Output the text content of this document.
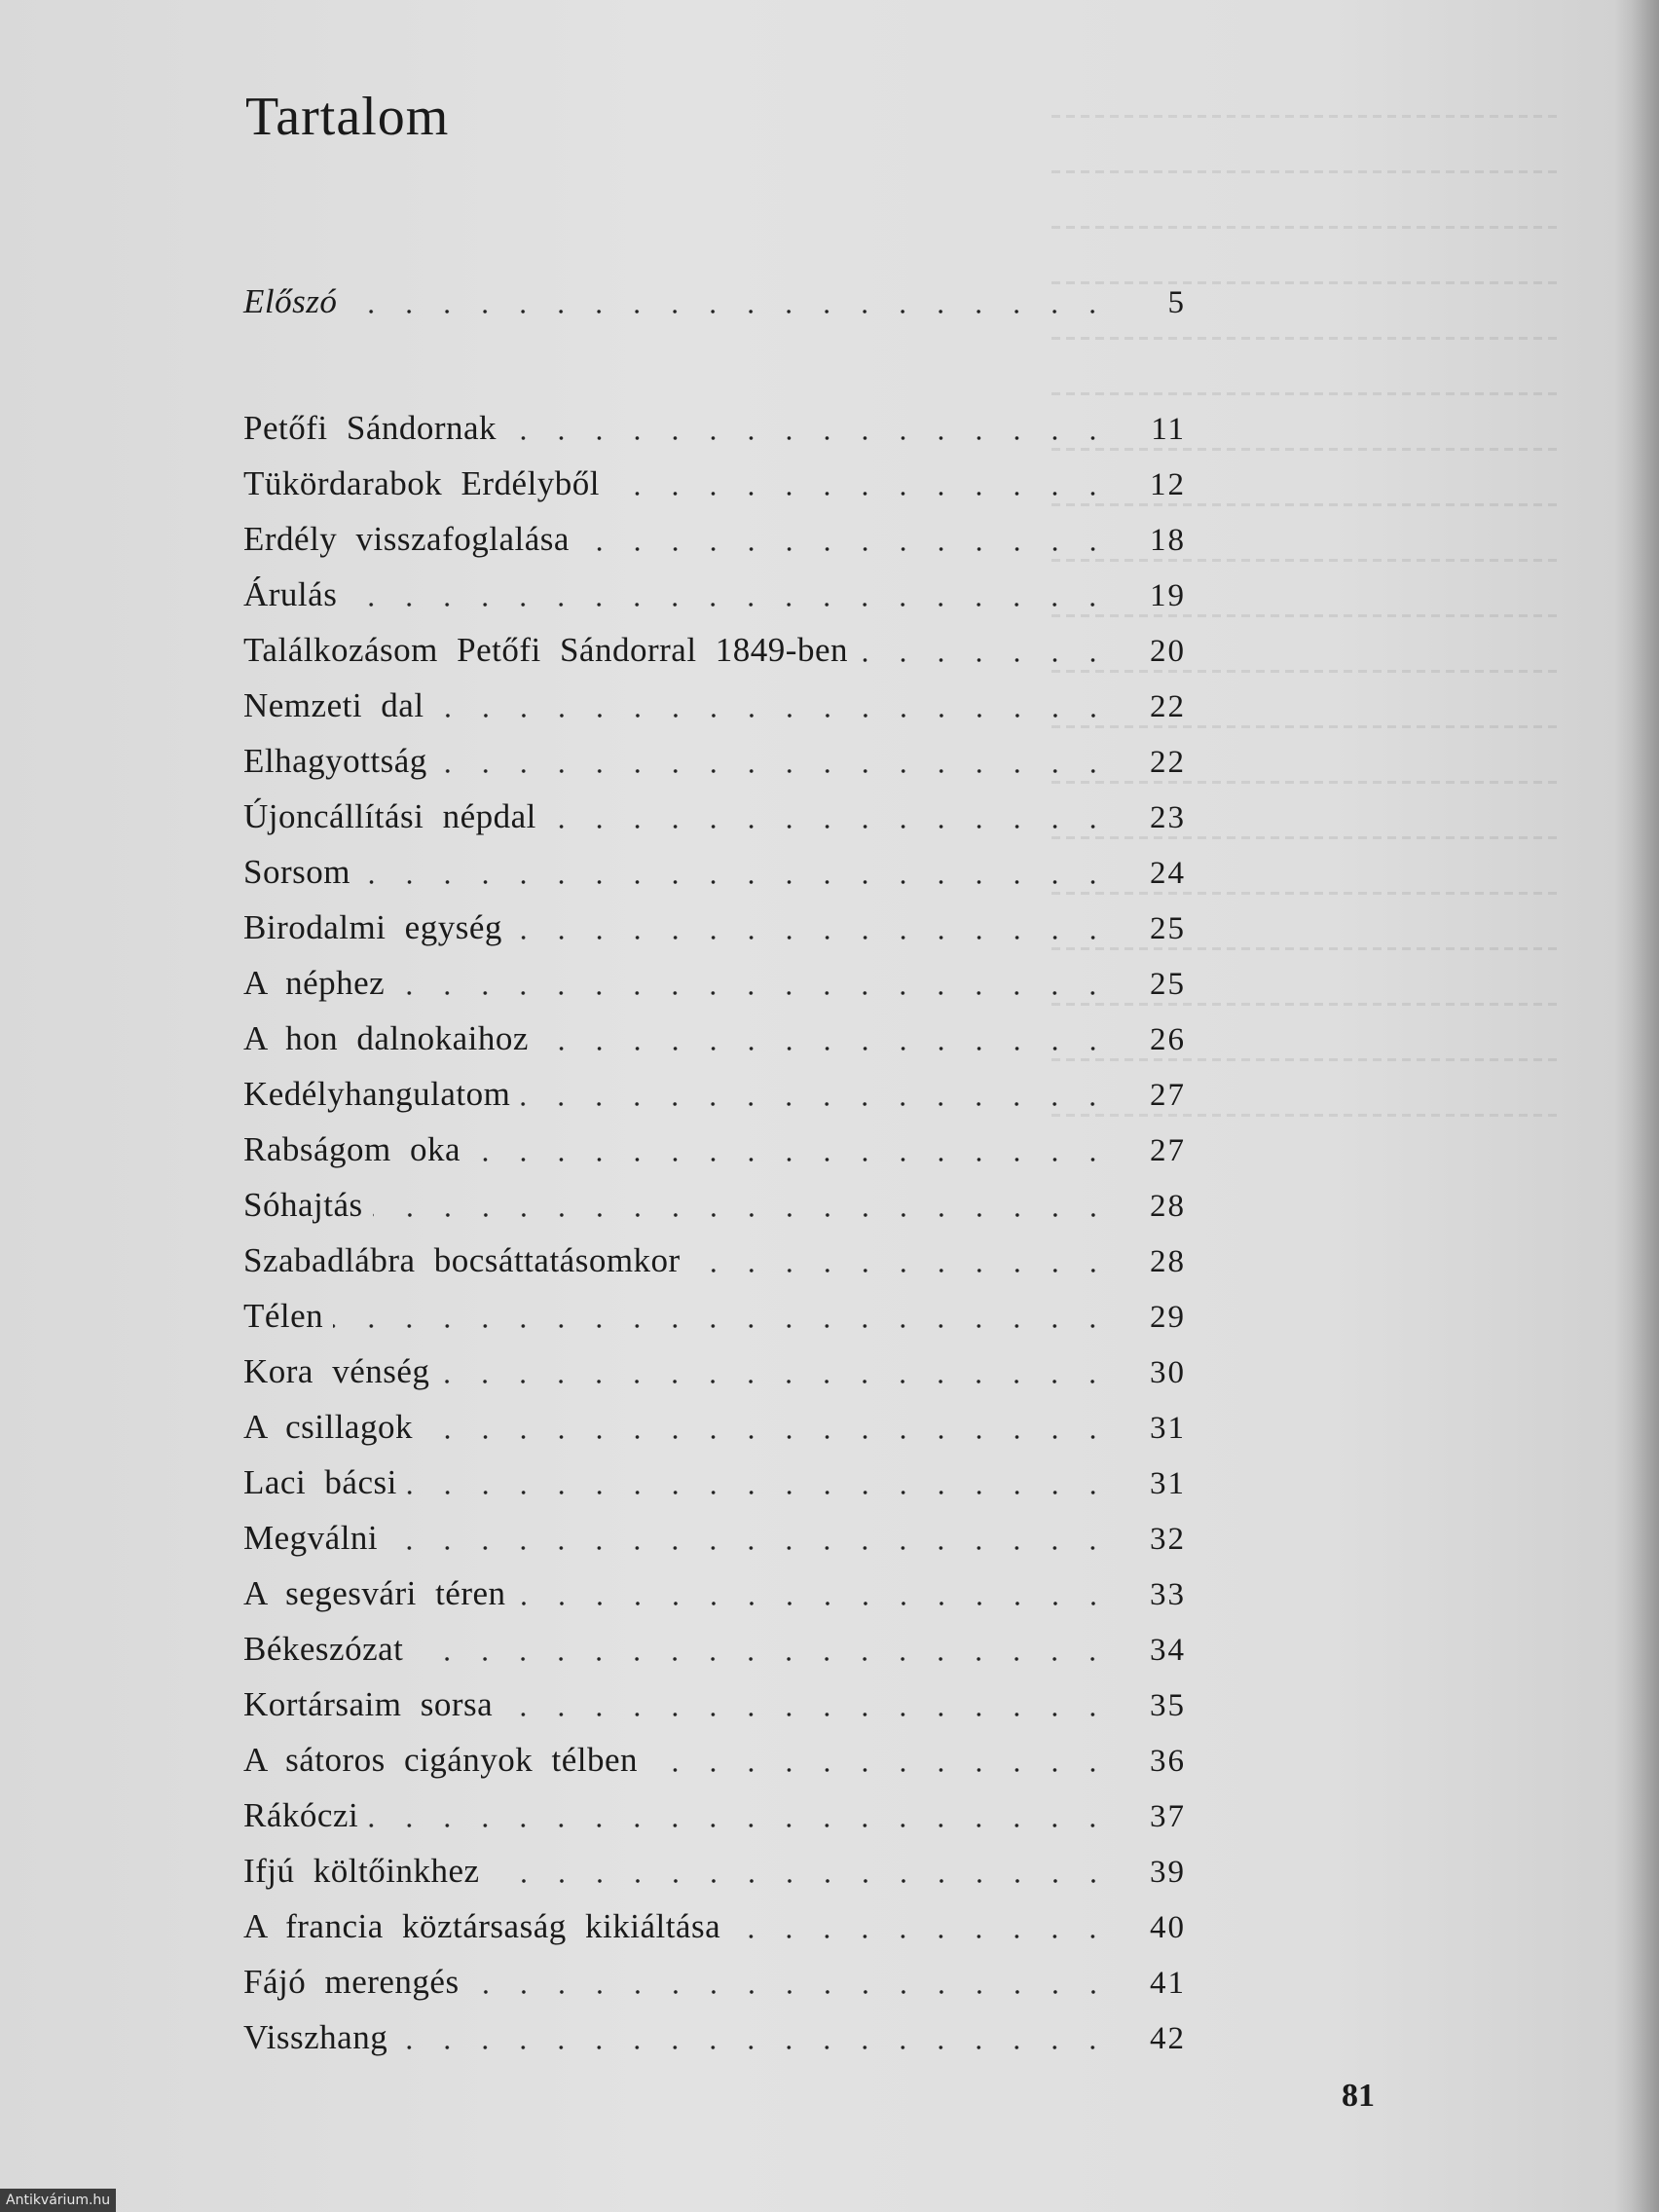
Tartalom
Előszó	5
Petőfi Sándornak	11
Tükördarabok Erdélyből	12
Erdély visszafoglalása	18
Árulás	19
Találkozásom Petőfi Sándorral 1849-ben	20
Nemzeti dal	22
Elhagyottság	22
Újoncállítási népdal	23
Sorsom	24
Birodalmi egység	25
A néphez	25
A hon dalnokaihoz	26
Kedélyhangulatom	27
Rabságom oka	27
Sóhajtás	28
Szabadlábra bocsáttatásomkor	28
Télen	29
Kora vénség	30
A csillagok	31
Laci bácsi	31
Megválni	32
A segesvári téren	33
Békeszózat	34
Kortársaim sorsa	35
A sátoros cigányok télben	36
Rákóczi	37
Ifjú költőinkhez	39
A francia köztársaság kikiáltása	40
Fájó merengés	41
Visszhang	42
81
Antikvárium.hu
